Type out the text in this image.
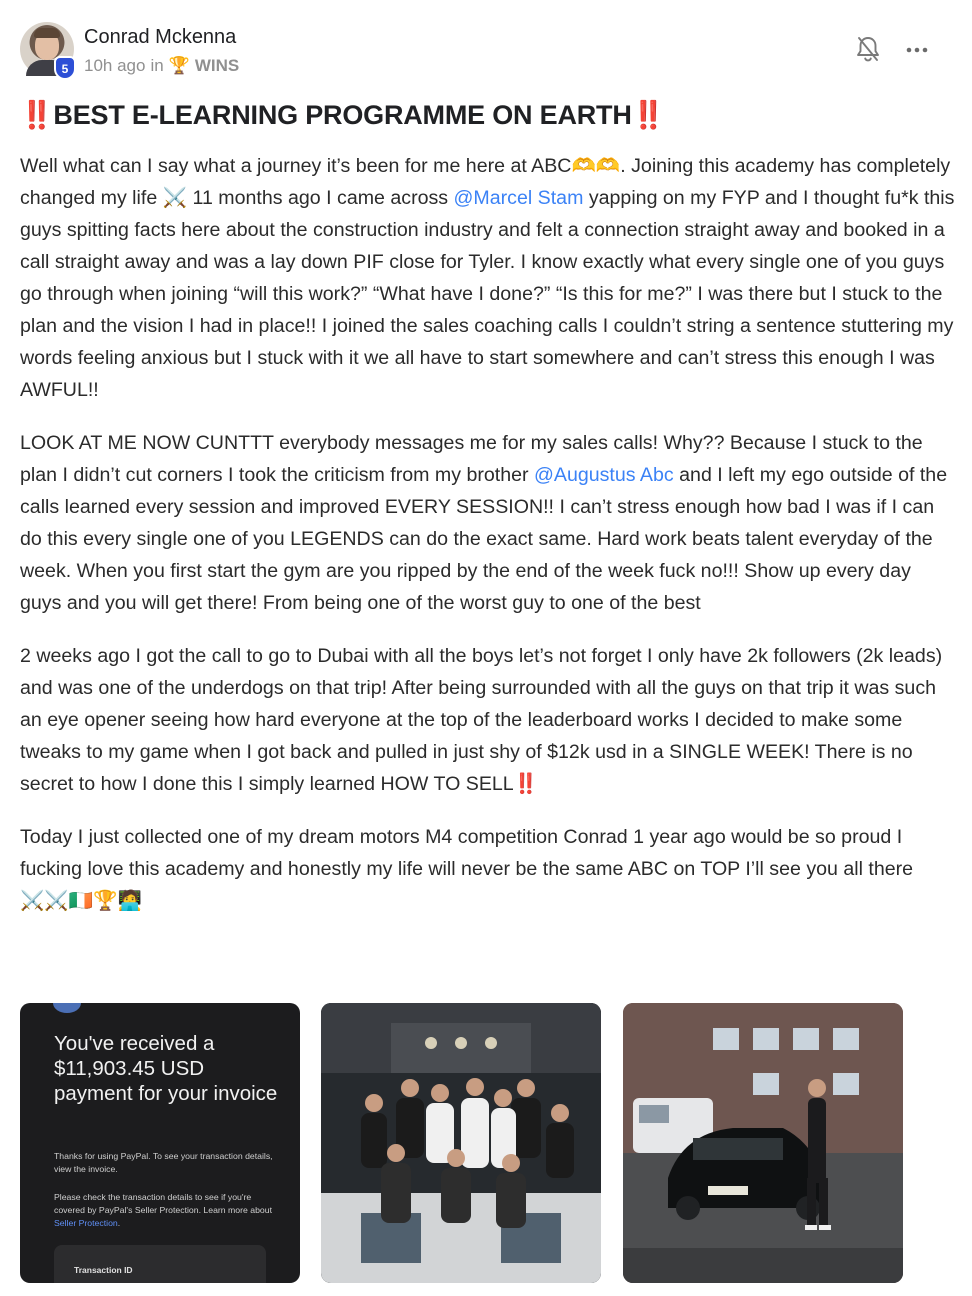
5
Conrad Mckenna
10h ago in 🏆 WINS
‼️BEST E-LEARNING PROGRAMME ON EARTH‼️

Well what can I say what a journey it’s been for me here at ABC🫶🫶. Joining this academy has completely changed my life ⚔️ 11 months ago I came across @Marcel Stam yapping on my FYP and I thought fu*k this guys spitting facts here about the construction industry and felt a connection straight away and booked in a call straight away and was a lay down PIF close for Tyler. I know exactly what every single one of you guys go through when joining “will this work?” “What have I done?” “Is this for me?” I was there but I stuck to the plan and the vision I had in place!! I joined the sales coaching calls I couldn’t string a sentence stuttering my words feeling anxious but I stuck with it we all have to start somewhere and can’t stress this enough I was AWFUL!!

LOOK AT ME NOW CUNTTT everybody messages me for my sales calls! Why?? Because I stuck to the plan I didn’t cut corners I took the criticism from my brother @Augustus Abc and I left my ego outside of the calls learned every session and improved EVERY SESSION!! I can’t stress enough how bad I was if I can do this every single one of you LEGENDS can do the exact same. Hard work beats talent everyday of the week. When you first start the gym are you ripped by the end of the week fuck no!!! Show up every day guys and you will get there! From being one of the worst guy to one of the best

2 weeks ago I got the call to go to Dubai with all the boys let’s not forget I only have 2k followers (2k leads) and was one of the underdogs on that trip! After being surrounded with all the guys on that trip it was such an eye opener seeing how hard everyone at the top of the leaderboard works I decided to make some tweaks to my game when I got back and pulled in just shy of $12k usd in a SINGLE WEEK! There is no secret to how I done this I simply learned HOW TO SELL‼️

Today I just collected one of my dream motors M4 competition Conrad 1 year ago would be so proud I fucking love this academy and honestly my life will never be the same ABC on TOP I’ll see you all there ⚔️⚔️🇮🇪🏆🧑‍💻

You've received a $11,903.45 USD payment for your invoice
Thanks for using PayPal. To see your transaction details, view the invoice.
Please check the transaction details to see if you're covered by PayPal's Seller Protection. Learn more about Seller Protection.
Transaction ID
